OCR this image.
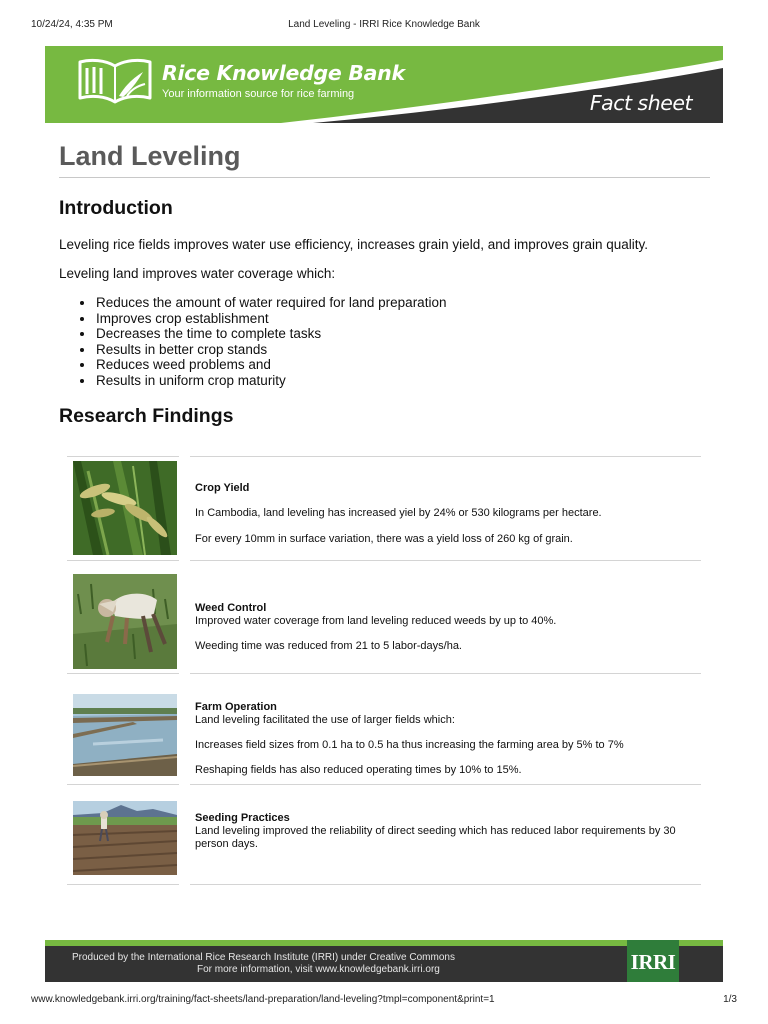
10/24/24, 4:35 PM	Land Leveling - IRRI Rice Knowledge Bank
Rice Knowledge Bank
Your information source for rice farming	Fact sheet
Land Leveling
Introduction

Leveling rice fields improves water use efficiency, increases grain yield, and improves grain quality.

Leveling land improves water coverage which:

Reduces the amount of water required for land preparation
Improves crop establishment
Decreases the time to complete tasks
Results in better crop stands
Reduces weed problems and
Results in uniform crop maturity
Research Findings
Crop Yield
In Cambodia, land leveling has increased yiel by 24% or 530 kilograms per hectare.
For every 10mm in surface variation, there was a yield loss of 260 kg of grain.
Weed Control
Improved water coverage from land leveling reduced weeds by up to 40%.
Weeding time was reduced from 21 to 5 labor-days/ha.
Farm Operation
Land leveling facilitated the use of larger fields which:
Increases field sizes from 0.1 ha to 0.5 ha thus increasing the farming area by 5% to 7%
Reshaping fields has also reduced operating times by 10% to 15%.
Seeding Practices
Land leveling improved the reliability of direct seeding which has reduced labor requirements by 30 person days.
Produced by the International Rice Research Institute (IRRI) under Creative Commons
For more information, visit www.knowledgebank.irri.org	IRRI
www.knowledgebank.irri.org/training/fact-sheets/land-preparation/land-leveling?tmpl=component&print=1	1/3
